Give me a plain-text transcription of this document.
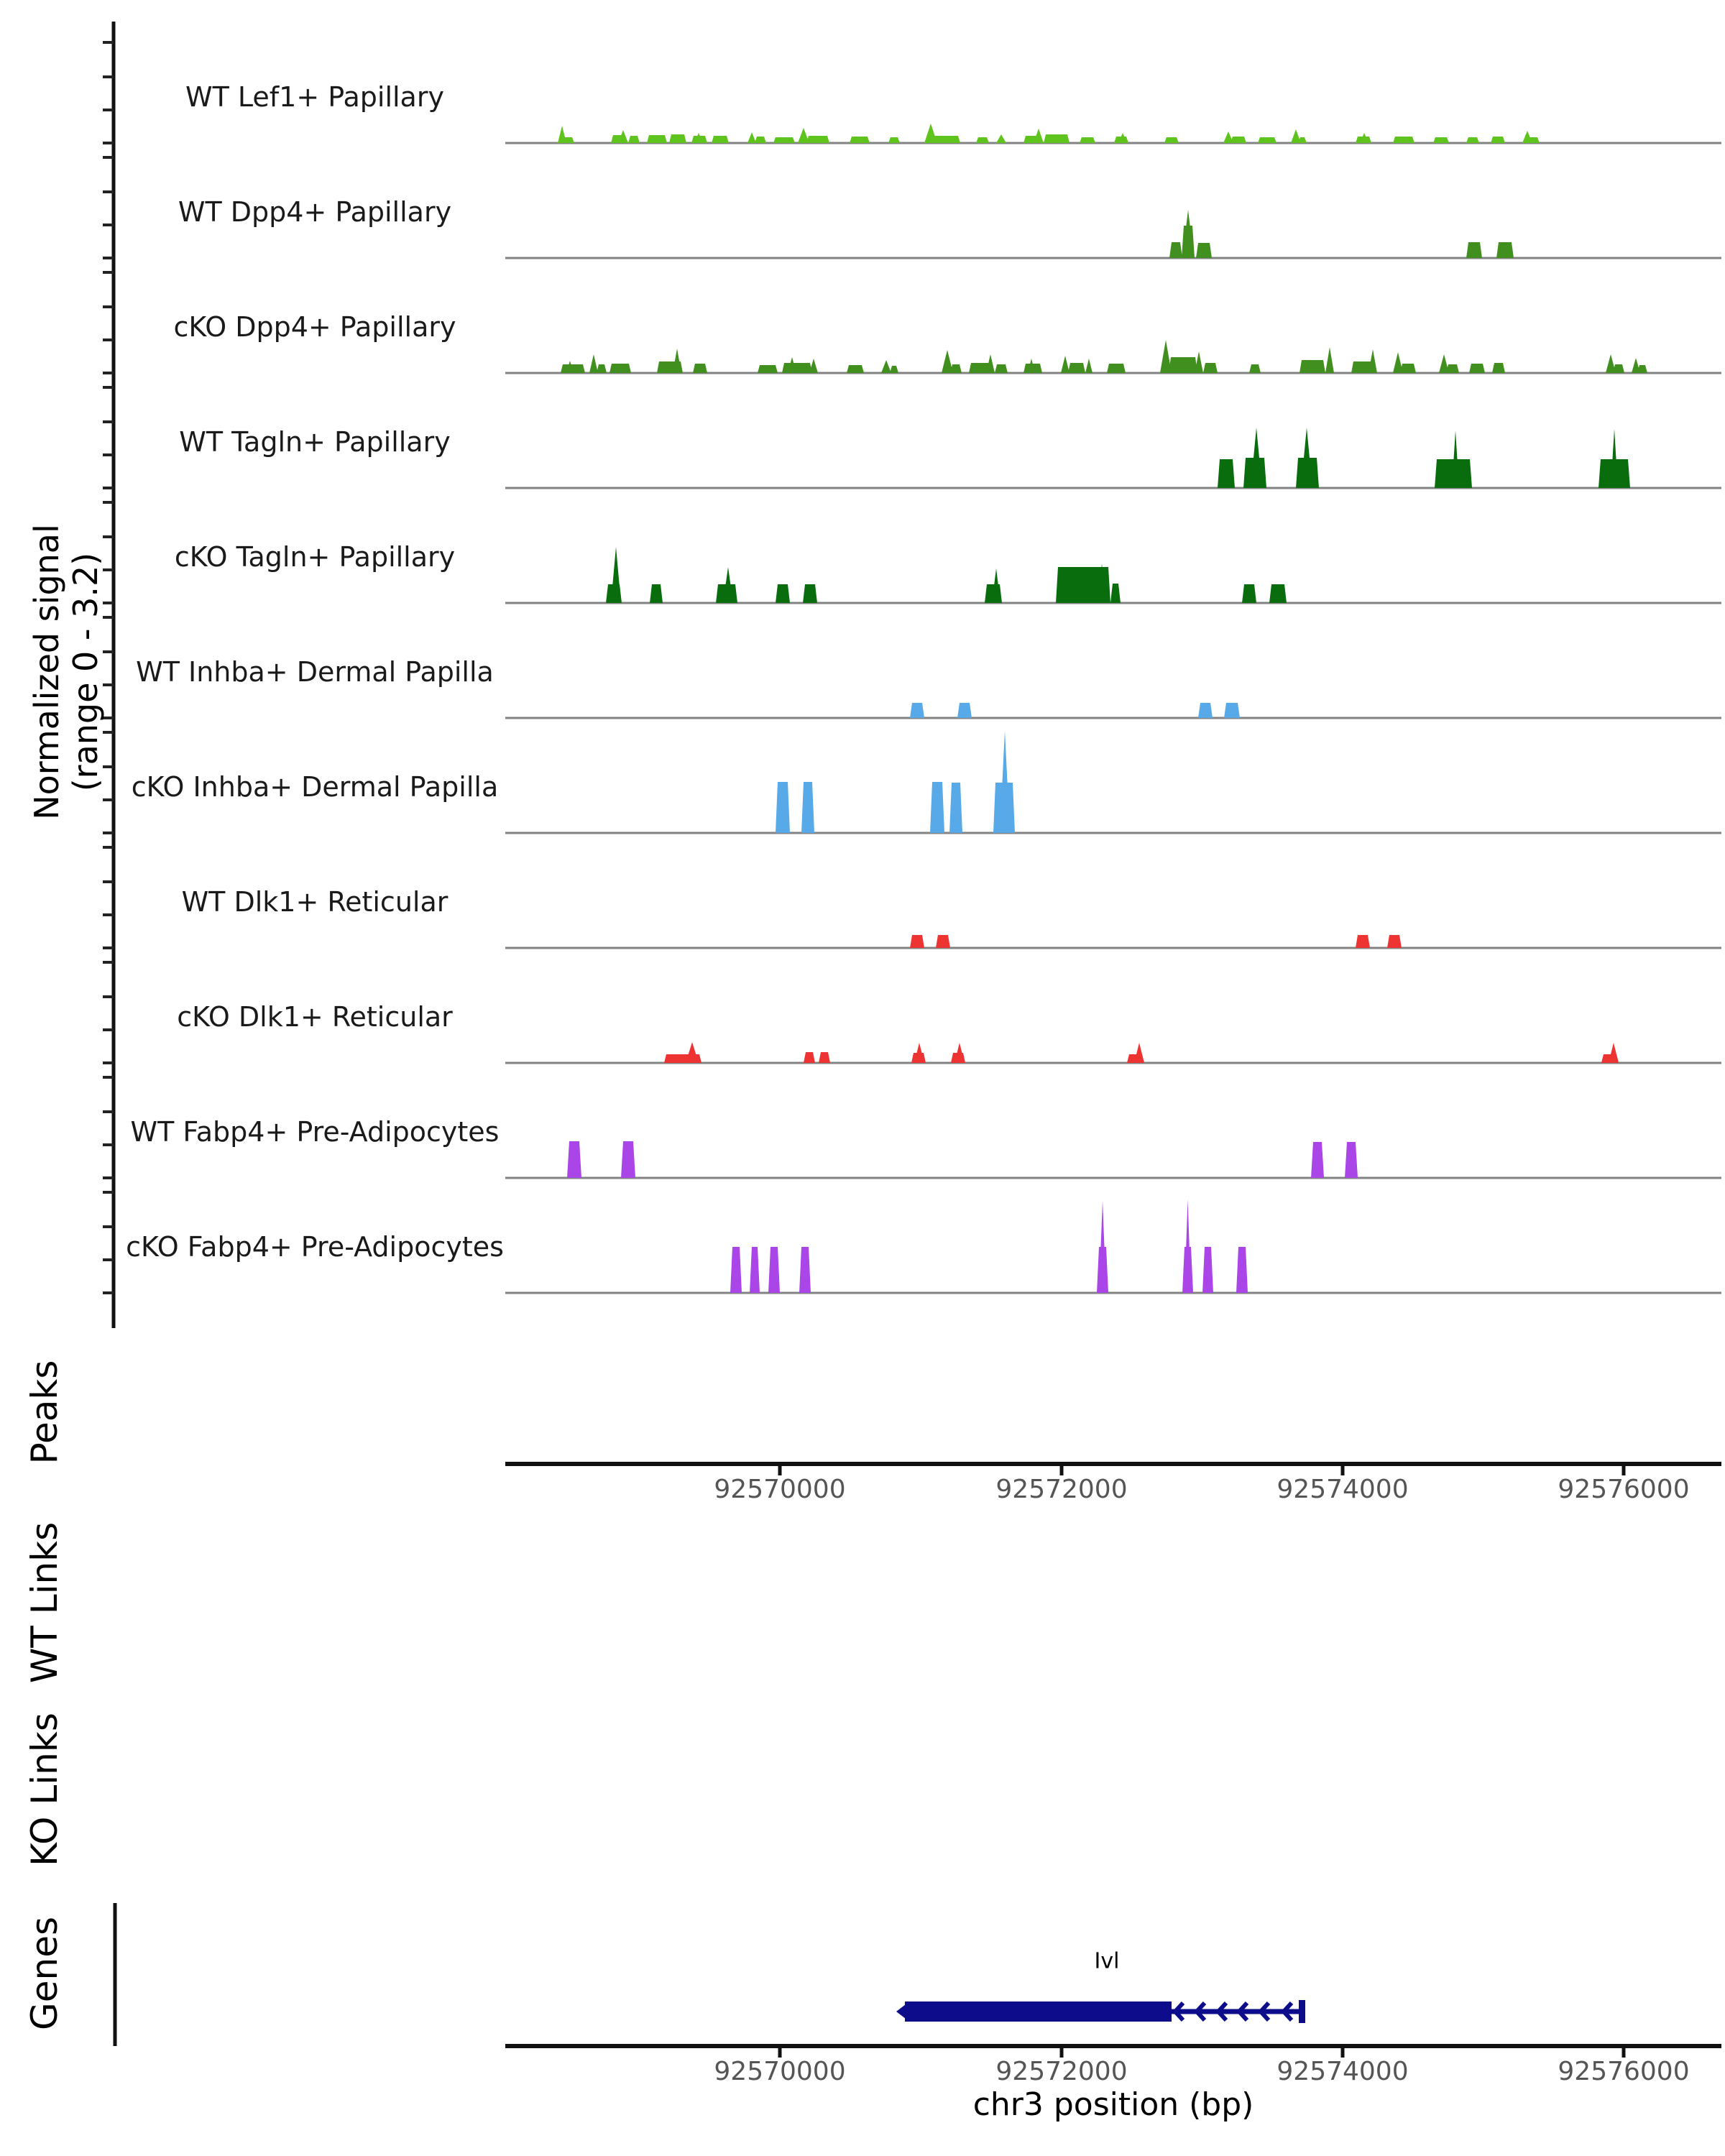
WT Lef1+ Papillary
WT Dpp4+ Papillary
cKO Dpp4+ Papillary
WT Tagln+ Papillary
cKO Tagln+ Papillary
WT Inhba+ Dermal Papilla
cKO Inhba+ Dermal Papilla
WT Dlk1+ Reticular
cKO Dlk1+ Reticular
WT Fabp4+ Pre-Adipocytes
cKO Fabp4+ Pre-Adipocytes
92570000
92570000
92572000
92572000
92574000
92574000
92576000
92576000
Normalized signal (range 0 - 3.2)
Peaks
WT Links
KO Links
Genes	Ivl
chr3 position (bp)
